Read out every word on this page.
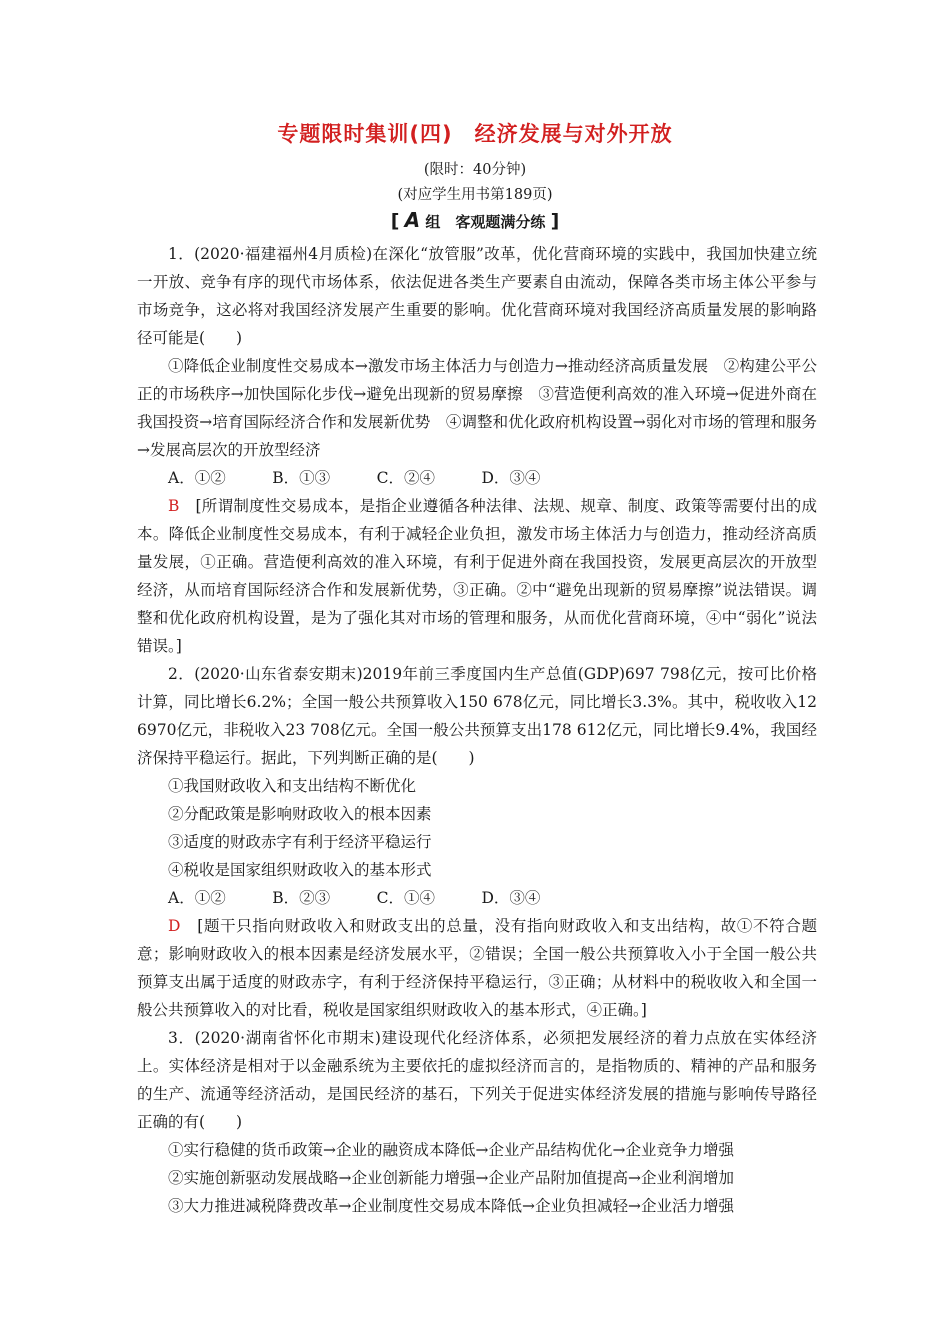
专题限时集训(四)　经济发展与对外开放
(限时：40分钟)
(对应学生用书第189页)
[ A 组　客观题满分练 ]

1．(2020·福建福州4月质检)在深化“放管服”改革，优化营商环境的实践中，我国加快建立统一开放、竞争有序的现代市场体系，依法促进各类生产要素自由流动，保障各类市场主体公平参与市场竞争，这必将对我国经济发展产生重要的影响。优化营商环境对我国经济高质量发展的影响路径可能是(　　)

①降低企业制度性交易成本→激发市场主体活力与创造力→推动经济高质量发展　②构建公平公正的市场秩序→加快国际化步伐→避免出现新的贸易摩擦　③营造便利高效的准入环境→促进外商在我国投资→培育国际经济合作和发展新优势　④调整和优化政府机构设置→弱化对市场的管理和服务→发展高层次的开放型经济

A．①②　　　B．①③　　　C．②④　　　D．③④

B　 [所谓制度性交易成本，是指企业遵循各种法律、法规、规章、制度、政策等需要付出的成本。降低企业制度性交易成本，有利于减轻企业负担，激发市场主体活力与创造力，推动经济高质量发展，①正确。营造便利高效的准入环境，有利于促进外商在我国投资，发展更高层次的开放型经济，从而培育国际经济合作和发展新优势，③正确。②中“避免出现新的贸易摩擦”说法错误。调整和优化政府机构设置，是为了强化其对市场的管理和服务，从而优化营商环境，④中“弱化”说法错误。]

2．(2020·山东省泰安期末)2019年前三季度国内生产总值(GDP)697 798亿元，按可比价格计算，同比增长6.2%；全国一般公共预算收入150 678亿元，同比增长3.3%。其中，税收收入12 6970亿元，非税收入23 708亿元。全国一般公共预算支出178 612亿元，同比增长9.4%，我国经济保持平稳运行。据此，下列判断正确的是(　　)

①我国财政收入和支出结构不断优化

②分配政策是影响财政收入的根本因素

③适度的财政赤字有利于经济平稳运行

④税收是国家组织财政收入的基本形式

A．①②　　　B．②③　　　C．①④　　　D．③④

D　 [题干只指向财政收入和财政支出的总量，没有指向财政收入和支出结构，故①不符合题意；影响财政收入的根本因素是经济发展水平，②错误；全国一般公共预算收入小于全国一般公共预算支出属于适度的财政赤字，有利于经济保持平稳运行，③正确；从材料中的税收收入和全国一般公共预算收入的对比看，税收是国家组织财政收入的基本形式，④正确。]

3．(2020·湖南省怀化市期末)建设现代化经济体系，必须把发展经济的着力点放在实体经济上。实体经济是相对于以金融系统为主要依托的虚拟经济而言的，是指物质的、精神的产品和服务的生产、流通等经济活动，是国民经济的基石，下列关于促进实体经济发展的措施与影响传导路径正确的有(　　)

①实行稳健的货币政策→企业的融资成本降低→企业产品结构优化→企业竞争力增强

②实施创新驱动发展战略→企业创新能力增强→企业产品附加值提高→企业利润增加

③大力推进减税降费改革→企业制度性交易成本降低→企业负担减轻→企业活力增强
